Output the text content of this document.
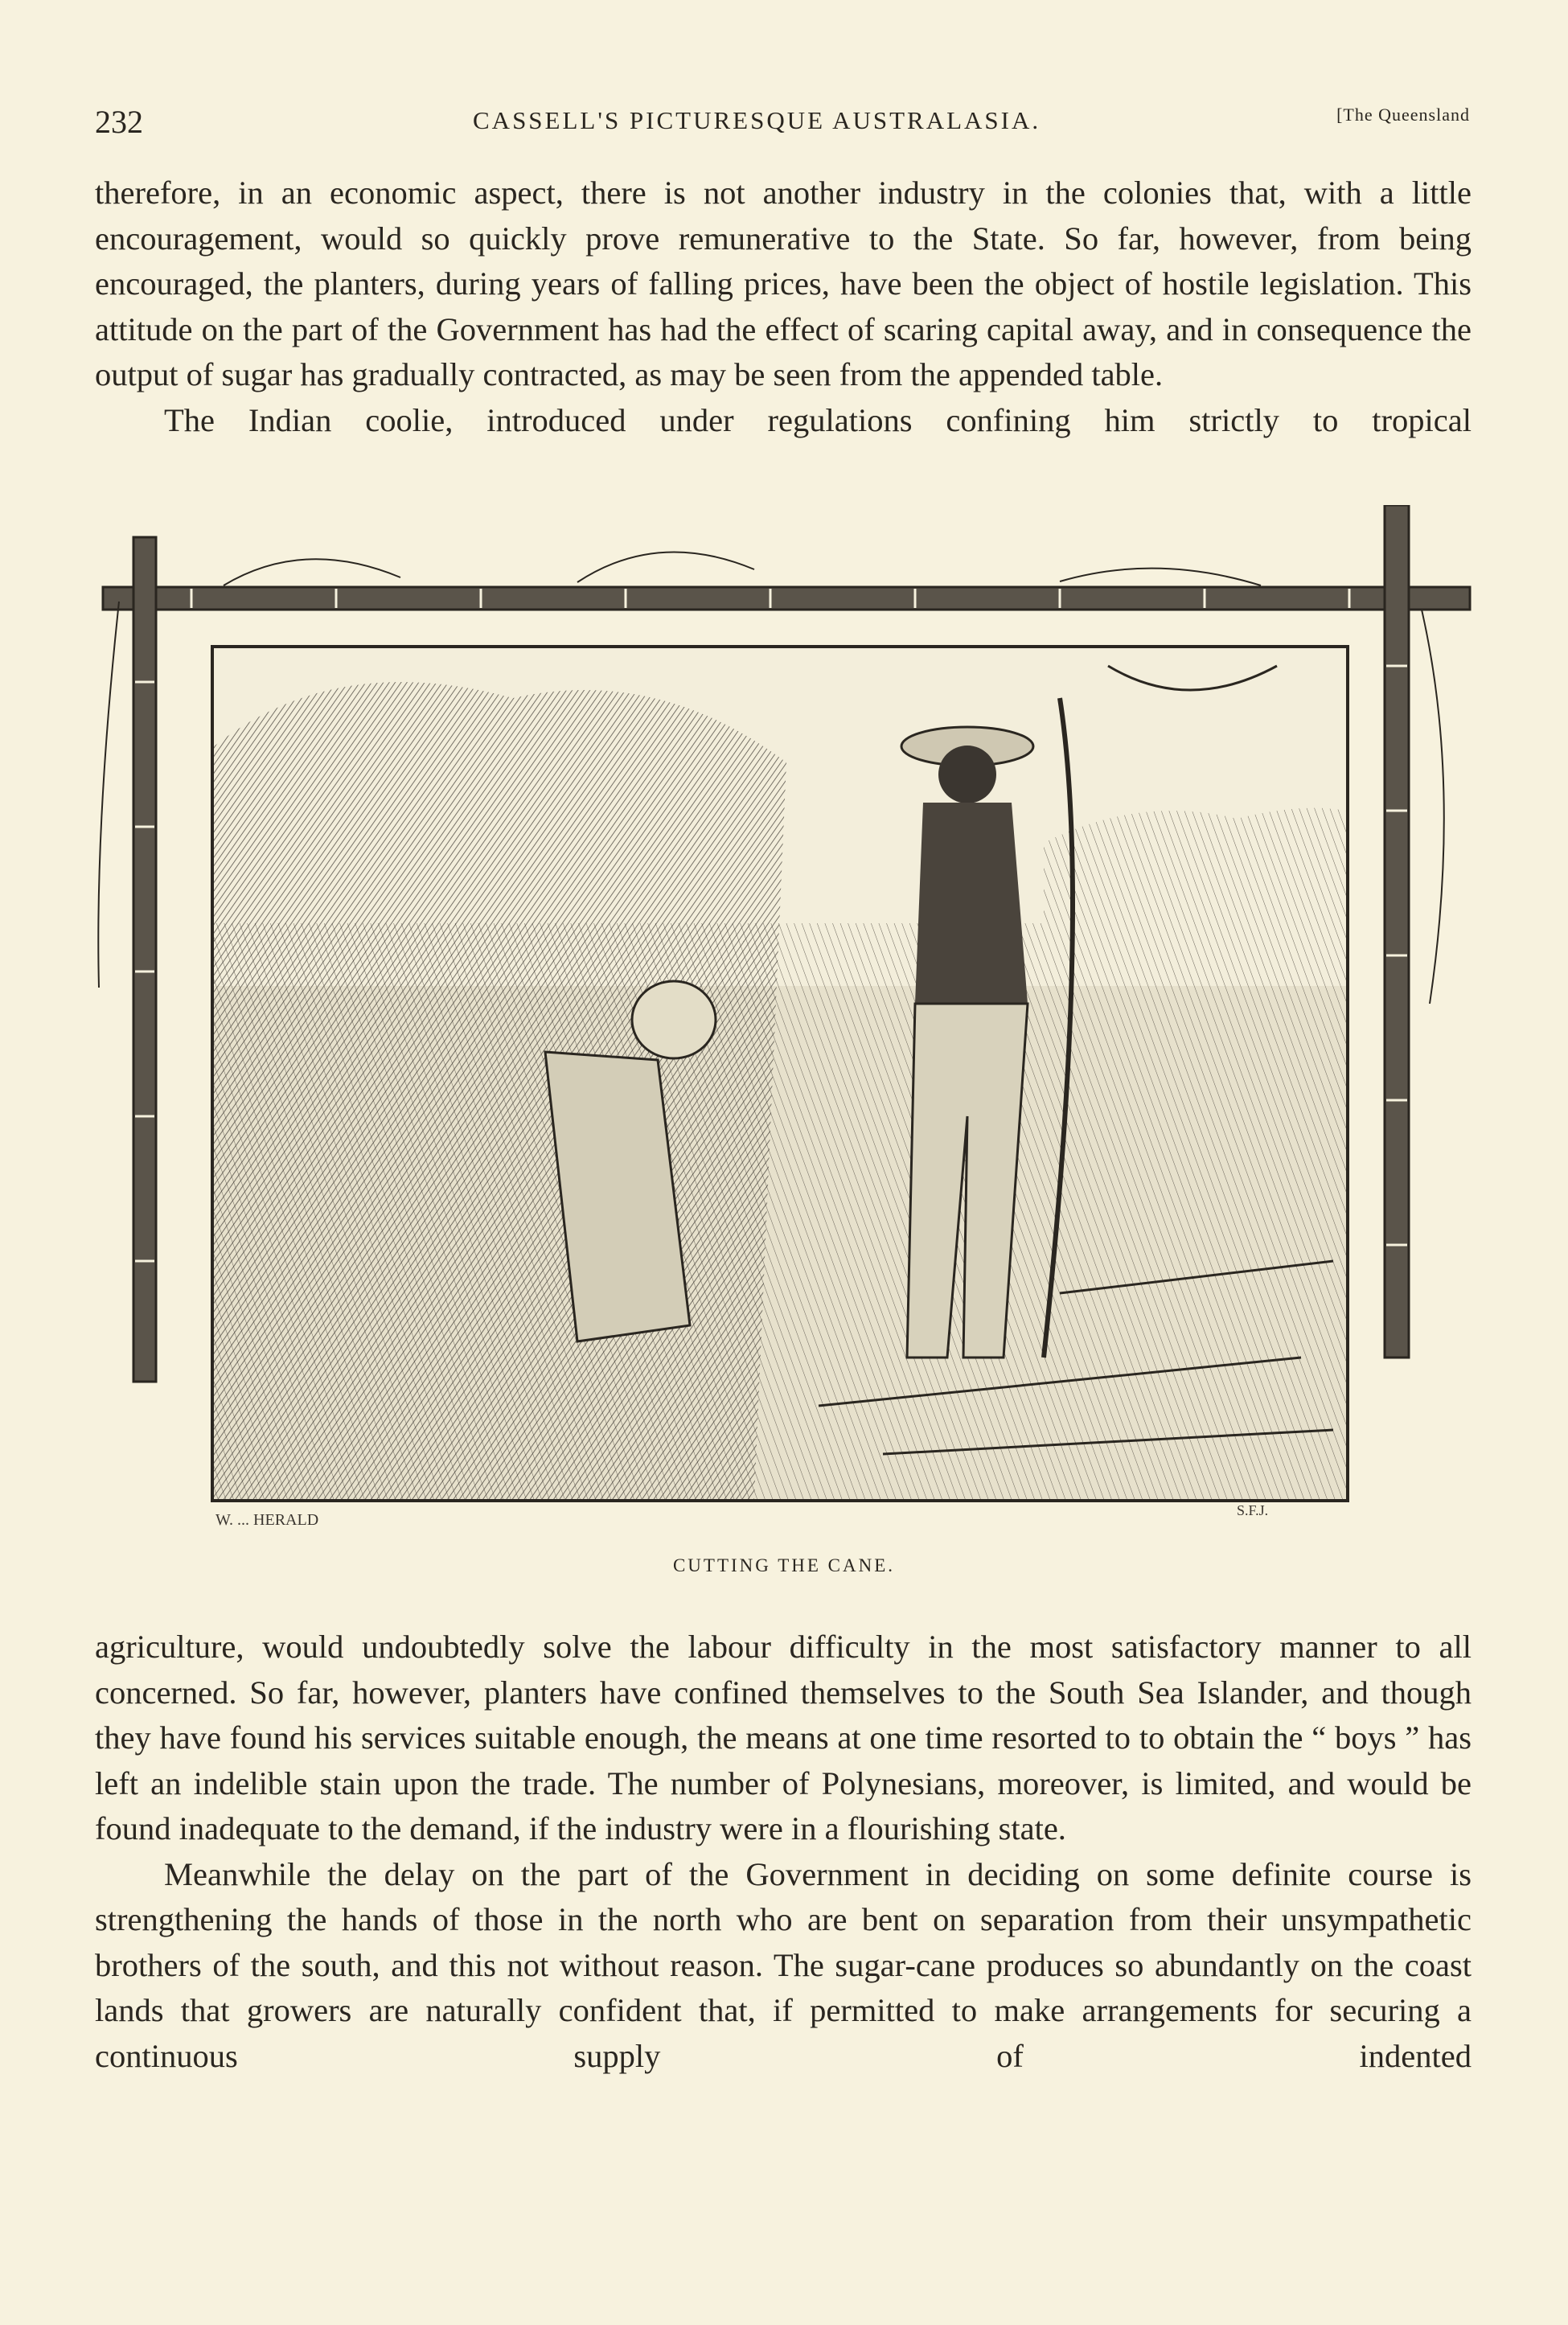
232	CASSELL'S PICTURESQUE AUSTRALASIA.	[The Queensland

therefore, in an economic aspect, there is not another industry in the colonies that, with a little encouragement, would so quickly prove remunerative to the State. So far, however, from being encouraged, the planters, during years of falling prices, have been the object of hostile legislation. This attitude on the part of the Government has had the effect of scaring capital away, and in consequence the output of sugar has gradually contracted, as may be seen from the appended table.

The Indian coolie, introduced under regulations confining him strictly to tropical

W. ... HERALD
S.F.J.
CUTTING THE CANE.

agriculture, would undoubtedly solve the labour difficulty in the most satisfactory manner to all concerned. So far, however, planters have confined themselves to the South Sea Islander, and though they have found his services suitable enough, the means at one time resorted to to obtain the “ boys ” has left an indelible stain upon the trade. The number of Polynesians, moreover, is limited, and would be found inadequate to the demand, if the industry were in a flourishing state.

Meanwhile the delay on the part of the Government in deciding on some definite course is strengthening the hands of those in the north who are bent on separation from their unsympathetic brothers of the south, and this not without reason. The sugar-cane produces so abundantly on the coast lands that growers are naturally confident that, if permitted to make arrangements for securing a continuous supply of indented
